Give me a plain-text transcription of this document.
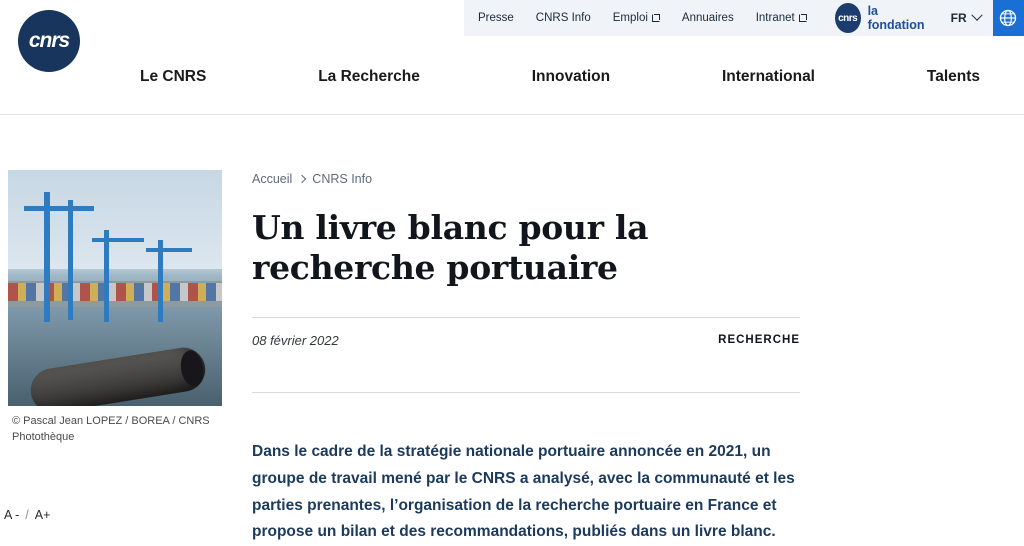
Presse CNRS Info Emploi	Annuaires Intranet	cnrs la fondation	FR
cnrs
Le CNRS	La Recherche	Innovation	International	Talents
© Pascal Jean LOPEZ / BOREA / CNRS Photothèque
Accueil CNRS Info
Un livre blanc pour la recherche portuaire
08 février 2022	RECHERCHE
Dans le cadre de la stratégie nationale portuaire annoncée en 2021, un groupe de travail mené par le CNRS a analysé, avec la communauté et les parties prenantes, l’organisation de la recherche portuaire en France et propose un bilan et des recommandations, publiés dans un livre blanc.
A - / A+
